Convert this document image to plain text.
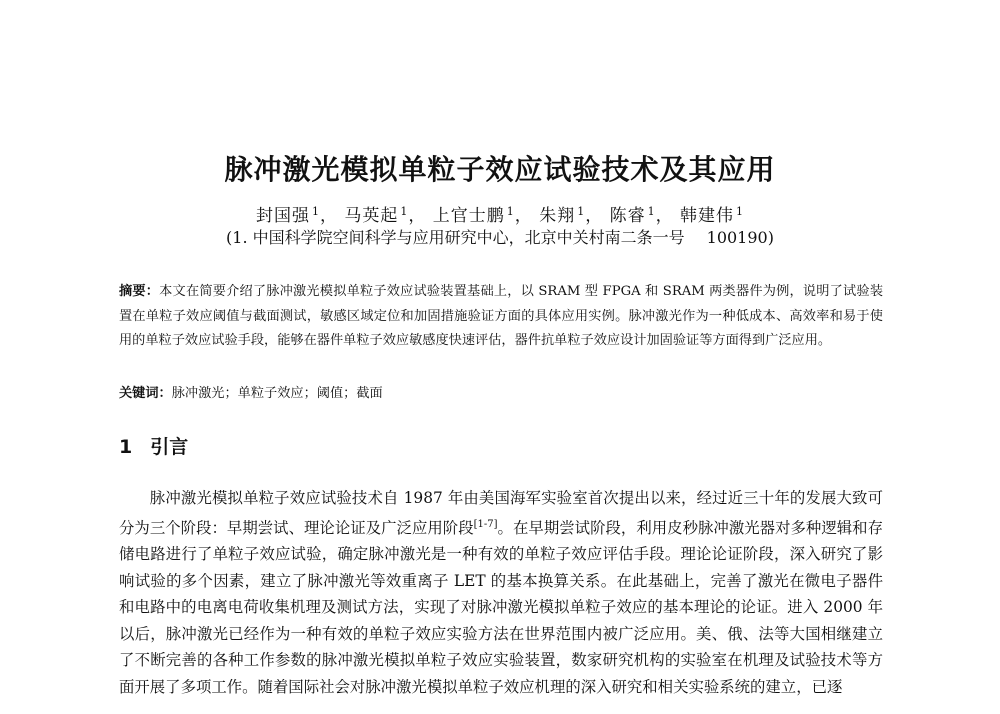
脉冲激光模拟单粒子效应试验技术及其应用
封国强 $^1$， 马英起 $^1$， 上官士鹏 $^1$， 朱翔 $^1$， 陈睿 $^1$， 韩建伟 $^1$
(1. 中国科学院空间科学与应用研究中心，北京中关村南二条一号 100190)
摘要：本文在简要介绍了脉冲激光模拟单粒子效应试验装置基础上，以 SRAM 型 FPGA 和 SRAM 两类器件为例，说明了试验装置在单粒子效应阈值与截面测试，敏感区域定位和加固措施验证方面的具体应用实例。脉冲激光作为一种低成本、高效率和易于使用的单粒子效应试验手段，能够在器件单粒子效应敏感度快速评估，器件抗单粒子效应设计加固验证等方面得到广泛应用。
关键词：脉冲激光；单粒子效应；阈值；截面
1 引言
脉冲激光模拟单粒子效应试验技术自 1987 年由美国海军实验室首次提出以来，经过近三十年的发展大致可分为三个阶段：早期尝试、理论论证及广泛应用阶段[1-7]。在早期尝试阶段，利用皮秒脉冲激光器对多种逻辑和存储电路进行了单粒子效应试验，确定脉冲激光是一种有效的单粒子效应评估手段。理论论证阶段，深入研究了影响试验的多个因素，建立了脉冲激光等效重离子 LET 的基本换算关系。在此基础上，完善了激光在微电子器件和电路中的电离电荷收集机理及测试方法，实现了对脉冲激光模拟单粒子效应的基本理论的论证。进入 2000 年以后，脉冲激光已经作为一种有效的单粒子效应实验方法在世界范围内被广泛应用。美、俄、法等大国相继建立了不断完善的各种工作参数的脉冲激光模拟单粒子效应实验装置，数家研究机构的实验室在机理及试验技术等方面开展了多项工作。随着国际社会对脉冲激光模拟单粒子效应机理的深入研究和相关实验系统的建立，已逐
